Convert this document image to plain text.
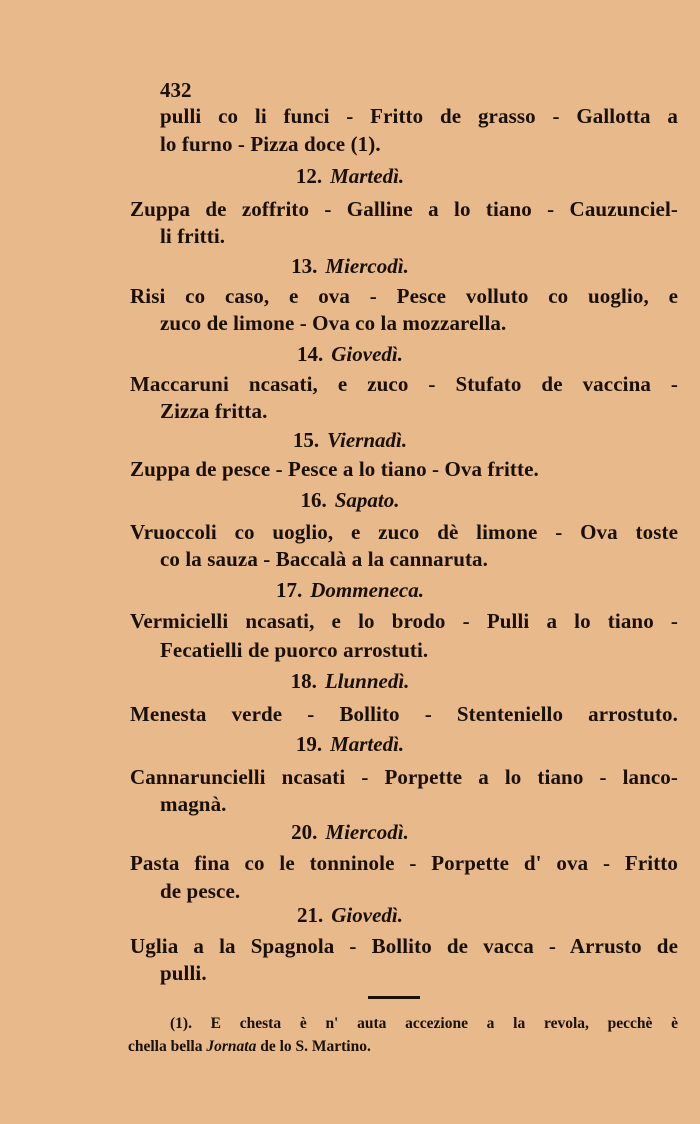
432
pulli co li funci - Fritto de grasso - Gallotta a
lo furno - Pizza doce (1).
12. Martedì.
Zuppa de zoffrito - Galline a lo tiano - Cauzunciel-
li fritti.
13. Miercodì.
Risi co caso, e ova - Pesce volluto co uoglio, e
zuco de limone - Ova co la mozzarella.
14. Giovedì.
Maccaruni ncasati, e zuco - Stufato de vaccina -
Zizza fritta.
15. Viernadì.
Zuppa de pesce - Pesce a lo tiano - Ova fritte.
16. Sapato.
Vruoccoli co uoglio, e zuco dè limone - Ova toste
co la sauza - Baccalà a la cannaruta.
17. Dommeneca.
Vermicielli ncasati, e lo brodo - Pulli a lo tiano -
Fecatielli de puorco arrostuti.
18. Llunnedì.
Menesta verde - Bollito - Stenteniello arrostuto.
19. Martedì.
Cannaruncielli ncasati - Porpette a lo tiano - lanco-
magnà.
20. Miercodì.
Pasta fina co le tonninole - Porpette d' ova - Fritto
de pesce.
21. Giovedì.
Uglia a la Spagnola - Bollito de vacca - Arrusto de
pulli.
(1). E chesta è n' auta accezione a la revola, pecchè è
chella bella Jornata de lo S. Martino.
